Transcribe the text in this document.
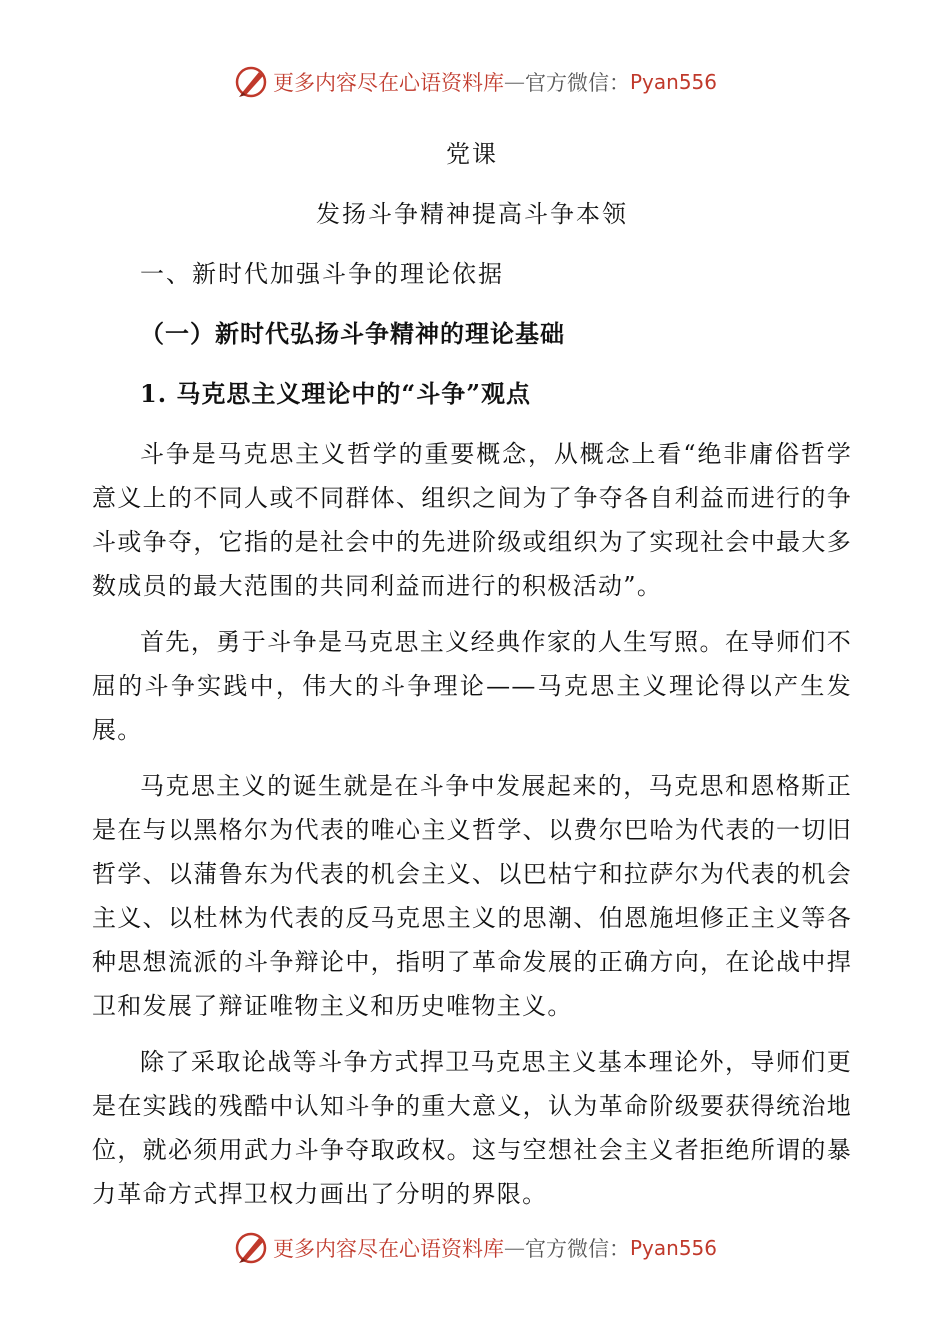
更多内容尽在心语资料库 — 官方微信： Pyan556

党课

发扬斗争精神提高斗争本领

一、新时代加强斗争的理论依据

（一）新时代弘扬斗争精神的理论基础

1. 马克思主义理论中的“斗争”观点

斗争是马克思主义哲学的重要概念，从概念上看“绝非庸俗哲学意义上的不同人或不同群体、组织之间为了争夺各自利益而进行的争斗或争夺，它指的是社会中的先进阶级或组织为了实现社会中最大多数成员的最大范围的共同利益而进行的积极活动”。

首先，勇于斗争是马克思主义经典作家的人生写照。在导师们不屈的斗争实践中，伟大的斗争理论——马克思主义理论得以产生发展。

马克思主义的诞生就是在斗争中发展起来的，马克思和恩格斯正是在与以黑格尔为代表的唯心主义哲学、以费尔巴哈为代表的一切旧哲学、以蒲鲁东为代表的机会主义、以巴枯宁和拉萨尔为代表的机会主义、以杜林为代表的反马克思主义的思潮、伯恩施坦修正主义等各种思想流派的斗争辩论中，指明了革命发展的正确方向，在论战中捍卫和发展了辩证唯物主义和历史唯物主义。

除了采取论战等斗争方式捍卫马克思主义基本理论外，导师们更是在实践的残酷中认知斗争的重大意义，认为革命阶级要获得统治地位，就必须用武力斗争夺取政权。这与空想社会主义者拒绝所谓的暴力革命方式捍卫权力画出了分明的界限。

更多内容尽在心语资料库 — 官方微信： Pyan556
